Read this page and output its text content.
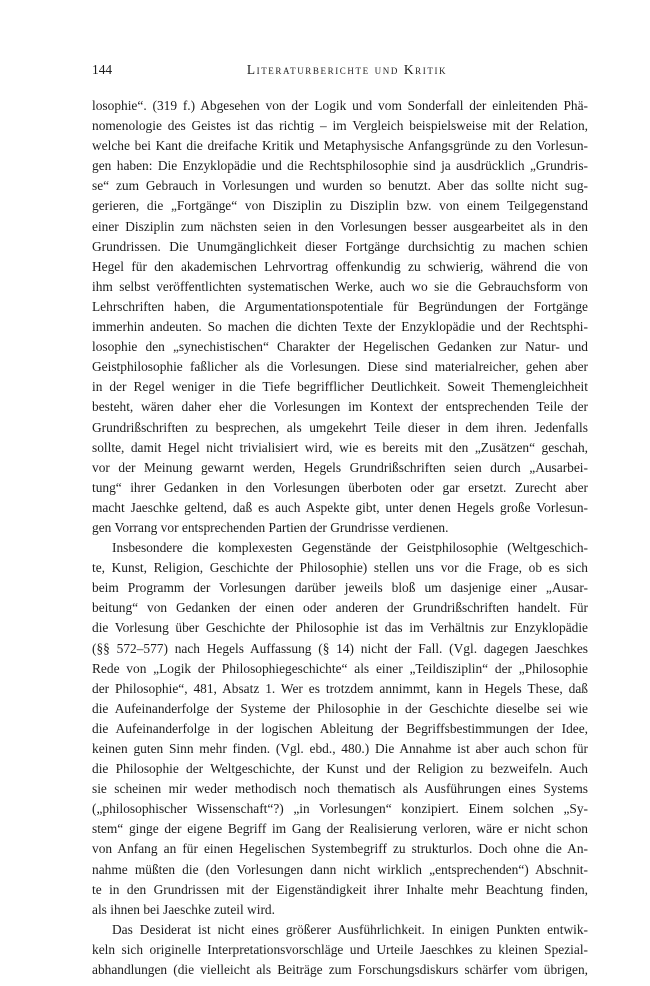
144	Literaturberichte und Kritik
losophie“. (319 f.) Abgesehen von der Logik und vom Sonderfall der einleitenden Phä-
nomenologie des Geistes ist das richtig – im Vergleich beispielsweise mit der Relation,
welche bei Kant die dreifache Kritik und Metaphysische Anfangsgründe zu den Vorlesun-
gen haben: Die Enzyklopädie und die Rechtsphilosophie sind ja ausdrücklich „Grundris-
se“ zum Gebrauch in Vorlesungen und wurden so benutzt. Aber das sollte nicht sug-
gerieren, die „Fortgänge“ von Disziplin zu Disziplin bzw. von einem Teilgegenstand
einer Disziplin zum nächsten seien in den Vorlesungen besser ausgearbeitet als in den
Grundrissen. Die Unumgänglichkeit dieser Fortgänge durchsichtig zu machen schien
Hegel für den akademischen Lehrvortrag offenkundig zu schwierig, während die von
ihm selbst veröffentlichten systematischen Werke, auch wo sie die Gebrauchsform von
Lehrschriften haben, die Argumentationspotentiale für Begründungen der Fortgänge
immerhin andeuten. So machen die dichten Texte der Enzyklopädie und der Rechtsphi-
losophie den „synechistischen“ Charakter der Hegelischen Gedanken zur Natur- und
Geistphilosophie faßlicher als die Vorlesungen. Diese sind materialreicher, gehen aber
in der Regel weniger in die Tiefe begrifflicher Deutlichkeit. Soweit Themengleichheit
besteht, wären daher eher die Vorlesungen im Kontext der entsprechenden Teile der
Grundrißschriften zu besprechen, als umgekehrt Teile dieser in dem ihren. Jedenfalls
sollte, damit Hegel nicht trivialisiert wird, wie es bereits mit den „Zusätzen“ geschah,
vor der Meinung gewarnt werden, Hegels Grundrißschriften seien durch „Ausarbei-
tung“ ihrer Gedanken in den Vorlesungen überboten oder gar ersetzt. Zurecht aber
macht Jaeschke geltend, daß es auch Aspekte gibt, unter denen Hegels große Vorlesun-
gen Vorrang vor entsprechenden Partien der Grundrisse verdienen.
Insbesondere die komplexesten Gegenstände der Geistphilosophie (Weltgeschich-
te, Kunst, Religion, Geschichte der Philosophie) stellen uns vor die Frage, ob es sich
beim Programm der Vorlesungen darüber jeweils bloß um dasjenige einer „Ausar-
beitung“ von Gedanken der einen oder anderen der Grundrißschriften handelt. Für
die Vorlesung über Geschichte der Philosophie ist das im Verhältnis zur Enzyklopädie
(§§ 572–577) nach Hegels Auffassung (§ 14) nicht der Fall. (Vgl. dagegen Jaeschkes
Rede von „Logik der Philosophiegeschichte“ als einer „Teildisziplin“ der „Philosophie
der Philosophie“, 481, Absatz 1. Wer es trotzdem annimmt, kann in Hegels These, daß
die Aufeinanderfolge der Systeme der Philosophie in der Geschichte dieselbe sei wie
die Aufeinanderfolge in der logischen Ableitung der Begriffsbestimmungen der Idee,
keinen guten Sinn mehr finden. (Vgl. ebd., 480.) Die Annahme ist aber auch schon für
die Philosophie der Weltgeschichte, der Kunst und der Religion zu bezweifeln. Auch
sie scheinen mir weder methodisch noch thematisch als Ausführungen eines Systems
(„philosophischer Wissenschaft“?) „in Vorlesungen“ konzipiert. Einem solchen „Sy-
stem“ ginge der eigene Begriff im Gang der Realisierung verloren, wäre er nicht schon
von Anfang an für einen Hegelischen Systembegriff zu strukturlos. Doch ohne die An-
nahme müßten die (den Vorlesungen dann nicht wirklich „entsprechenden“) Abschnit-
te in den Grundrissen mit der Eigenständigkeit ihrer Inhalte mehr Beachtung finden,
als ihnen bei Jaeschke zuteil wird.
Das Desiderat ist nicht eines größerer Ausführlichkeit. In einigen Punkten entwik-
keln sich originelle Interpretationsvorschläge und Urteile Jaeschkes zu kleinen Spezial-
abhandlungen (die vielleicht als Beiträge zum Forschungsdiskurs schärfer vom übrigen,
